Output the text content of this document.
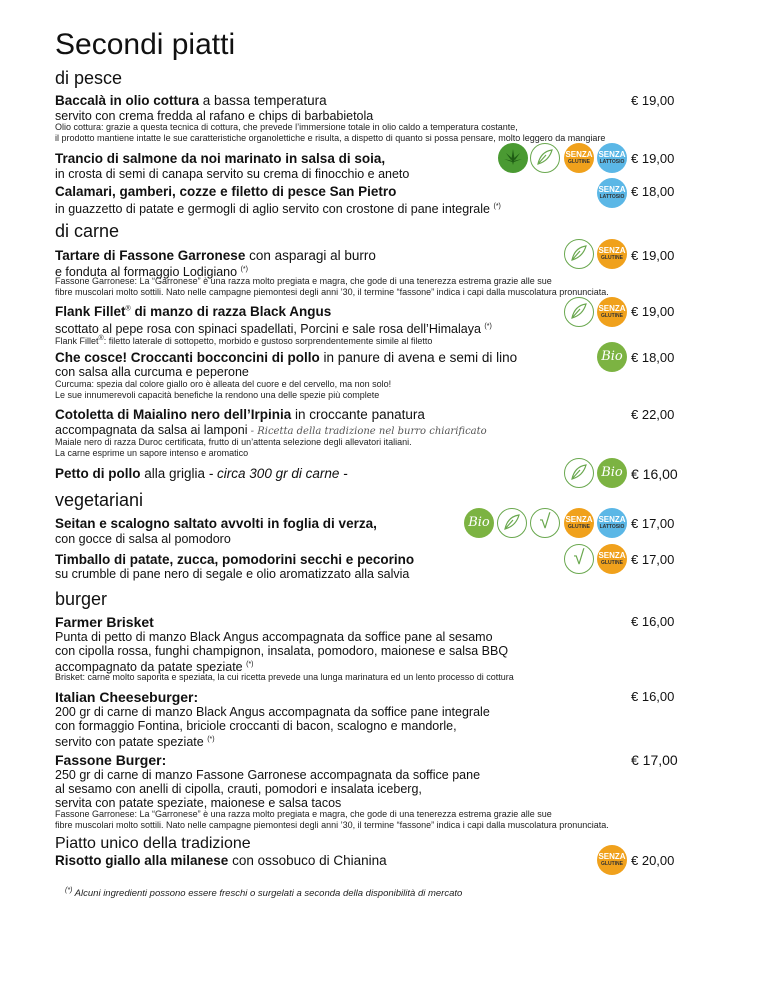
Secondi piatti
di pesce
Baccalà in olio cottura a bassa temperatura
servito con crema fredda al rafano e chips di barbabietola
Olio cottura: grazie a questa tecnica di cottura, che prevede l’immersione totale in olio caldo a temperatura costante,
il prodotto mantiene intatte le sue caratteristiche organolettiche e risulta, a dispetto di quanto si possa pensare, molto leggero da mangiare
€ 19,00
Trancio di salmone da noi marinato in salsa di soia,
in crosta di semi di canapa servito su crema di finocchio e aneto
€ 19,00
SENZA
GLUTINE
SENZA
LATTOSIO
Calamari, gamberi, cozze e filetto di pesce San Pietro
in guazzetto di patate e germogli di aglio servito con crostone di pane integrale (*)
€ 18,00
SENZA
LATTOSIO
di carne
Tartare di Fassone Garronese con asparagi al burro
e fonduta al formaggio Lodigiano (*)
Fassone Garronese: La “Garronese” è una razza molto pregiata e magra, che gode di una tenerezza estrema grazie alle sue
fibre muscolari molto sottili. Nato nelle campagne piemontesi degli anni ’30, il termine “fassone” indica i capi dalla muscolatura pronunciata.
€ 19,00
SENZA
GLUTINE
Flank Fillet® di manzo di razza Black Angus
scottato al pepe rosa con spinaci spadellati, Porcini e sale rosa dell’Himalaya (*)
Flank Fillet®: filetto laterale di sottopetto, morbido e gustoso sorprendentemente simile al filetto
€ 19,00
SENZA
GLUTINE
Che cosce! Croccanti bocconcini di pollo in panure di avena e semi di lino
con salsa alla curcuma e peperone
Curcuma: spezia dal colore giallo oro è alleata del cuore e del cervello, ma non solo!
Le sue innumerevoli capacità benefiche la rendono una delle spezie più complete
€ 18,00
Bio
Cotoletta di Maialino nero dell’Irpinia in croccante panatura
accompagnata da salsa ai lamponi - Ricetta della tradizione nel burro chiarificato
Maiale nero di razza Duroc certificata, frutto di un’attenta selezione degli allevatori italiani.
La carne esprime un sapore intenso e aromatico
€ 22,00
Petto di pollo alla griglia - circa 300 gr di carne -	€ 16,00
Bio
vegetariani
Seitan e scalogno saltato avvolti in foglia di verza,
con gocce di salsa al pomodoro
€ 17,00
Bio	√	SENZA
GLUTINE
SENZA
LATTOSIO
Timballo di patate, zucca, pomodorini secchi e pecorino
su crumble di pane nero di segale e olio aromatizzato alla salvia
€ 17,00
√	SENZA
GLUTINE
burger
Farmer Brisket
Punta di petto di manzo Black Angus accompagnata da soffice pane al sesamo
con cipolla rossa, funghi champignon, insalata, pomodoro, maionese e salsa BBQ
accompagnato da patate speziate (*)
Brisket: carne molto saporita e speziata, la cui ricetta prevede una lunga marinatura ed un lento processo di cottura
€ 16,00
Italian Cheeseburger:
200 gr di carne di manzo Black Angus accompagnata da soffice pane integrale
con formaggio Fontina, briciole croccanti di bacon, scalogno e mandorle,
servito con patate speziate (*)
€ 16,00
Fassone Burger:
250 gr di carne di manzo Fassone Garronese accompagnata da soffice pane
al sesamo con anelli di cipolla, crauti, pomodori e insalata iceberg,
servita con patate speziate, maionese e salsa tacos
Fassone Garronese: La “Garronese” è una razza molto pregiata e magra, che gode di una tenerezza estrema grazie alle sue
fibre muscolari molto sottili. Nato nelle campagne piemontesi degli anni ’30, il termine “fassone” indica i capi dalla muscolatura pronunciata.
€ 17,00
Piatto unico della tradizione
Risotto giallo alla milanese con ossobuco di Chianina	€ 20,00
SENZA
GLUTINE
(*) Alcuni ingredienti possono essere freschi o surgelati a seconda della disponibilità di mercato
